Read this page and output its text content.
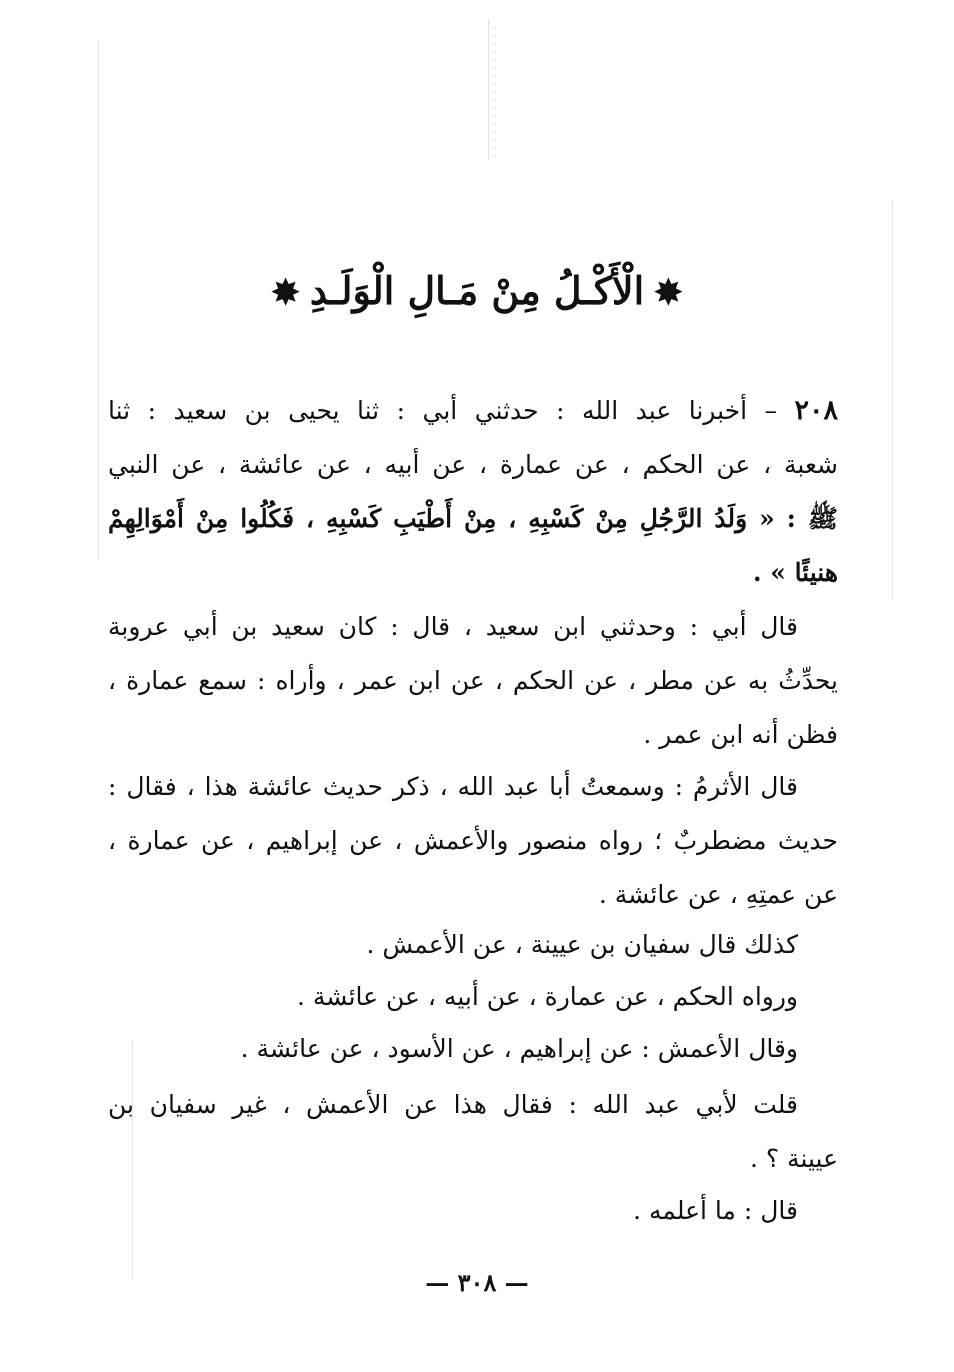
✸الْأَكْـلُ مِنْ مَـالِ الْوَلَـدِ✸
٢٠٨ – أخبرنا عبد الله : حدثني أبي : ثنا يحيى بن سعيد : ثنا
شعبة ، عن الحكم ، عن عمارة ، عن أبيه ، عن عائشة ، عن النبي
ﷺ : « وَلَدُ الرَّجُلِ مِنْ كَسْبِهِ ، مِنْ أَطْيَبِ كَسْبِهِ ، فَكُلُوا مِنْ أَمْوَالِهِمْ
هنيئًا » .
قال أبي : وحدثني ابن سعيد ، قال : كان سعيد بن أبي عروبة
يحدِّثُ به عن مطر ، عن الحكم ، عن ابن عمر ، وأراه : سمع عمارة ،
فظن أنه ابن عمر .
قال الأثرمُ : وسمعتُ أبا عبد الله ، ذكر حديث عائشة هذا ، فقال :
حديث مضطربٌ ؛ رواه منصور والأعمش ، عن إبراهيم ، عن عمارة ،
عن عمتِهِ ، عن عائشة .
كذلك قال سفيان بن عيينة ، عن الأعمش .
ورواه الحكم ، عن عمارة ، عن أبيه ، عن عائشة .
وقال الأعمش : عن إبراهيم ، عن الأسود ، عن عائشة .
قلت لأبي عبد الله : فقال هذا عن الأعمش ، غير سفيان بن
عيينة ؟ .
قال : ما أعلمه .
— ٣٠٨ —
